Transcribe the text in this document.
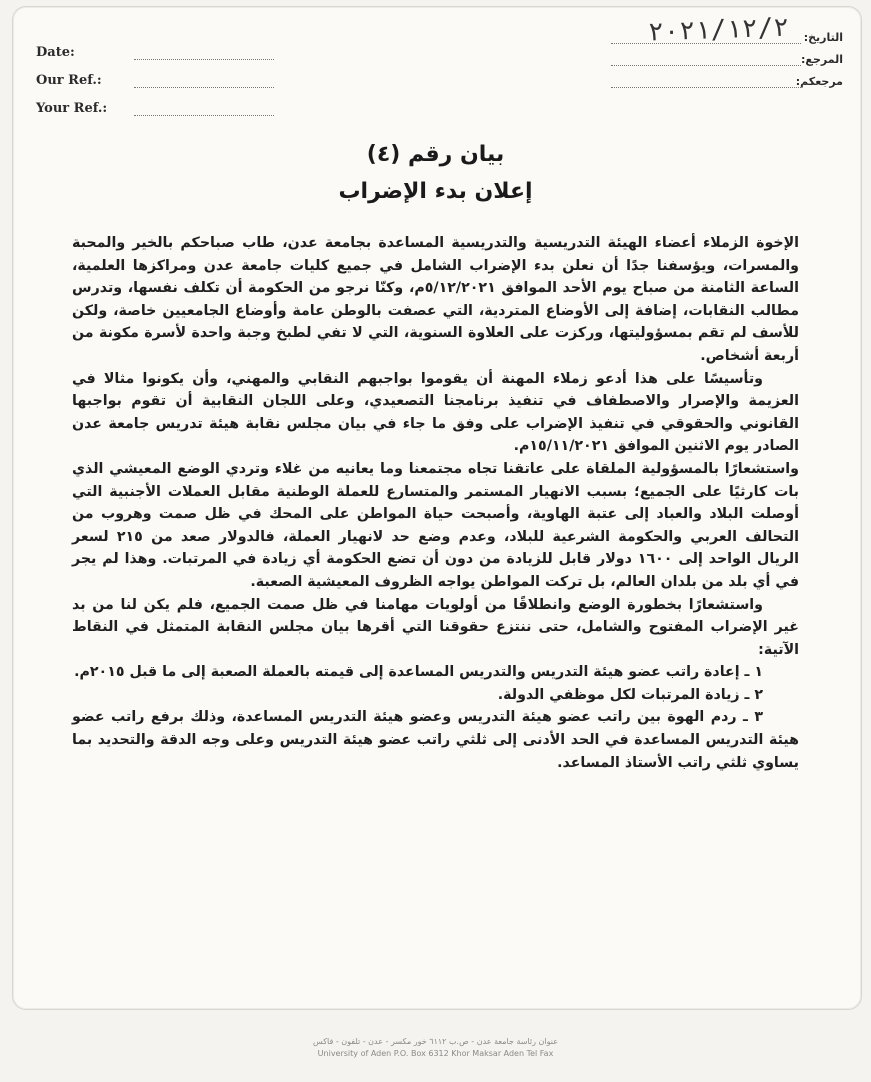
Date:
Our Ref.:
Your Ref.:
التاريخ:
٢٠٢١/١٢/٢
المرجع:
مرجعكم:
بيان رقم (٤)
إعلان بدء الإضراب

الإخوة الزملاء أعضاء الهيئة التدريسية والتدريسية المساعدة بجامعة عدن، طاب صباحكم بالخير والمحبة والمسرات، ويؤسفنا جدًا أن نعلن بدء الإضراب الشامل في جميع كليات جامعة عدن ومراكزها العلمية، الساعة الثامنة من صباح يوم الأحد الموافق ٥/١٢/٢٠٢١م، وكنّا نرجو من الحكومة أن تكلف نفسها، وتدرس مطالب النقابات، إضافة إلى الأوضاع المتردية، التي عصفت بالوطن عامة وأوضاع الجامعيين خاصة، ولكن للأسف لم تقم بمسؤوليتها، وركزت على العلاوة السنوية، التي لا تفي لطبخ وجبة واحدة لأسرة مكونة من أربعة أشخاص.

وتأسيسًا على هذا أدعو زملاء المهنة أن يقوموا بواجبهم النقابي والمهني، وأن يكونوا مثالا في العزيمة والإصرار والاصطفاف في تنفيذ برنامجنا التصعيدي، وعلى اللجان النقابية أن تقوم بواجبها القانوني والحقوقي في تنفيذ الإضراب على وفق ما جاء في بيان مجلس نقابة هيئة تدريس جامعة عدن الصادر يوم الاثنين الموافق ١٥/١١/٢٠٢١م.

واستشعارًا بالمسؤولية الملقاة على عاتقنا تجاه مجتمعنا وما يعانيه من غلاء وتردي الوضع المعيشي الذي بات كارثيًا على الجميع؛ بسبب الانهيار المستمر والمتسارع للعملة الوطنية مقابل العملات الأجنبية التي أوصلت البلاد والعباد إلى عتبة الهاوية، وأصبحت حياة المواطن على المحك في ظل صمت وهروب من التحالف العربي والحكومة الشرعية للبلاد، وعدم وضع حد لانهيار العملة، فالدولار صعد من ٢١٥ لسعر الريال الواحد إلى ١٦٠٠ دولار قابل للزيادة من دون أن تضع الحكومة أي زيادة في المرتبات. وهذا لم يجر في أي بلد من بلدان العالم، بل تركت المواطن يواجه الظروف المعيشية الصعبة.

واستشعارًا بخطورة الوضع وانطلاقًا من أولويات مهامنا في ظل صمت الجميع، فلم يكن لنا من بد غير الإضراب المفتوح والشامل، حتى ننتزع حقوقنا التي أقرها بيان مجلس النقابة المتمثل في النقاط الآتية:

١ ـ إعادة راتب عضو هيئة التدريس والتدريس المساعدة إلى قيمته بالعملة الصعبة إلى ما قبل ٢٠١٥م.

٢ ـ زيادة المرتبات لكل موظفي الدولة.

٣ ـ ردم الهوة بين راتب عضو هيئة التدريس وعضو هيئة التدريس المساعدة، وذلك برفع راتب عضو هيئة التدريس المساعدة في الحد الأدنى إلى ثلثي راتب عضو هيئة التدريس وعلى وجه الدقة والتحديد بما يساوي ثلثي راتب الأستاذ المساعد.

عنوان رئاسة جامعة عدن - ص.ب ٦١١٢ خور مكسر - عدن - تلفون - فاكس
University of Aden P.O. Box 6312 Khor Maksar Aden Tel Fax
